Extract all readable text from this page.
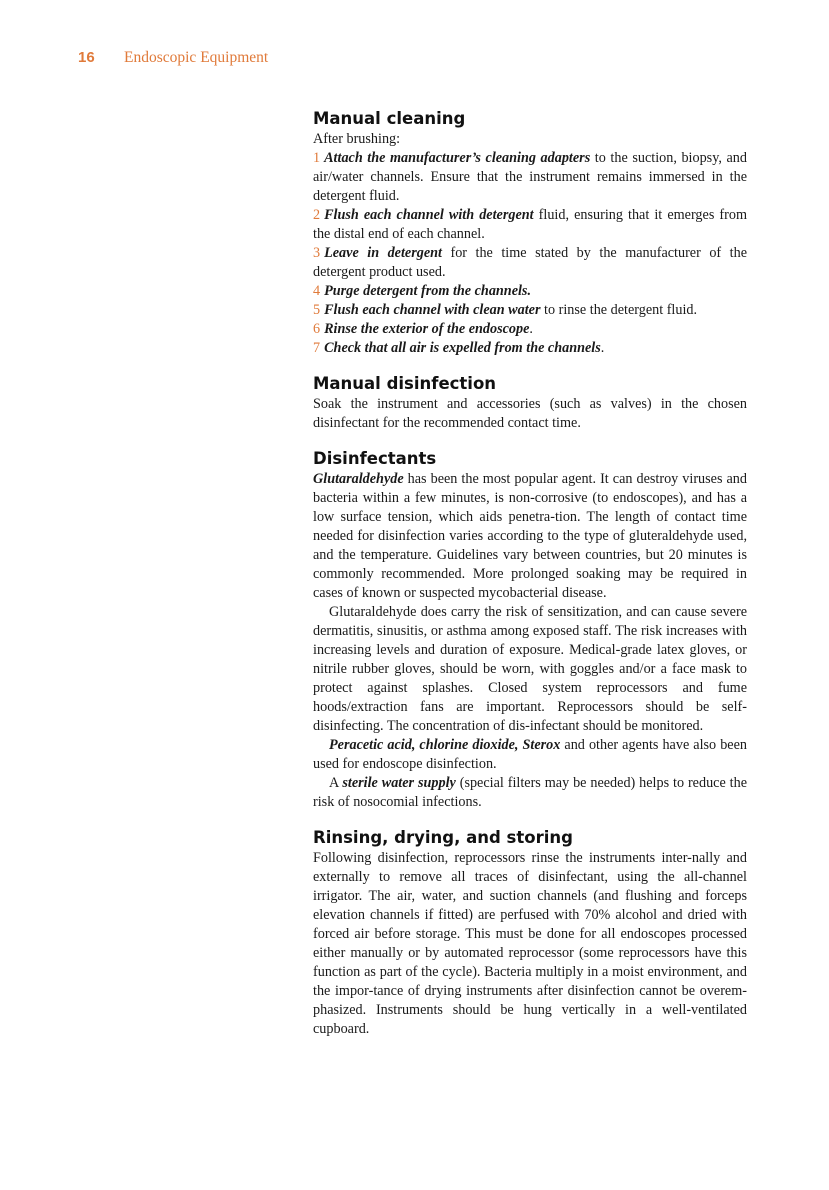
16 Endoscopic Equipment
Manual cleaning

After brushing:

1 Attach the manufacturer’s cleaning adapters to the suction, biopsy, and air/water channels. Ensure that the instrument remains immersed in the detergent fluid.
2 Flush each channel with detergent fluid, ensuring that it emerges from the distal end of each channel.
3 Leave in detergent for the time stated by the manufacturer of the detergent product used.
4 Purge detergent from the channels.
5 Flush each channel with clean water to rinse the detergent fluid.
6 Rinse the exterior of the endoscope.
7 Check that all air is expelled from the channels.
Manual disinfection

Soak the instrument and accessories (such as valves) in the chosen disinfectant for the recommended contact time.

Disinfectants

Glutaraldehyde has been the most popular agent. It can destroy viruses and bacteria within a few minutes, is non-corrosive (to endoscopes), and has a low surface tension, which aids penetra-tion. The length of contact time needed for disinfection varies according to the type of gluteraldehyde used, and the temperature. Guidelines vary between countries, but 20 minutes is commonly recommended. More prolonged soaking may be required in cases of known or suspected mycobacterial disease.

Glutaraldehyde does carry the risk of sensitization, and can cause severe dermatitis, sinusitis, or asthma among exposed staff. The risk increases with increasing levels and duration of exposure. Medical-grade latex gloves, or nitrile rubber gloves, should be worn, with goggles and/or a face mask to protect against splashes. Closed system reprocessors and fume hoods/extraction fans are important. Reprocessors should be self-disinfecting. The concentration of dis-infectant should be monitored.

Peracetic acid, chlorine dioxide, Sterox and other agents have also been used for endoscope disinfection.

A sterile water supply (special filters may be needed) helps to reduce the risk of nosocomial infections.

Rinsing, drying, and storing

Following disinfection, reprocessors rinse the instruments inter-nally and externally to remove all traces of disinfectant, using the all-channel irrigator. The air, water, and suction channels (and flushing and forceps elevation channels if fitted) are perfused with 70% alcohol and dried with forced air before storage. This must be done for all endoscopes processed either manually or by automated reprocessor (some reprocessors have this function as part of the cycle). Bacteria multiply in a moist environment, and the impor-tance of drying instruments after disinfection cannot be overem-phasized. Instruments should be hung vertically in a well-ventilated cupboard.
